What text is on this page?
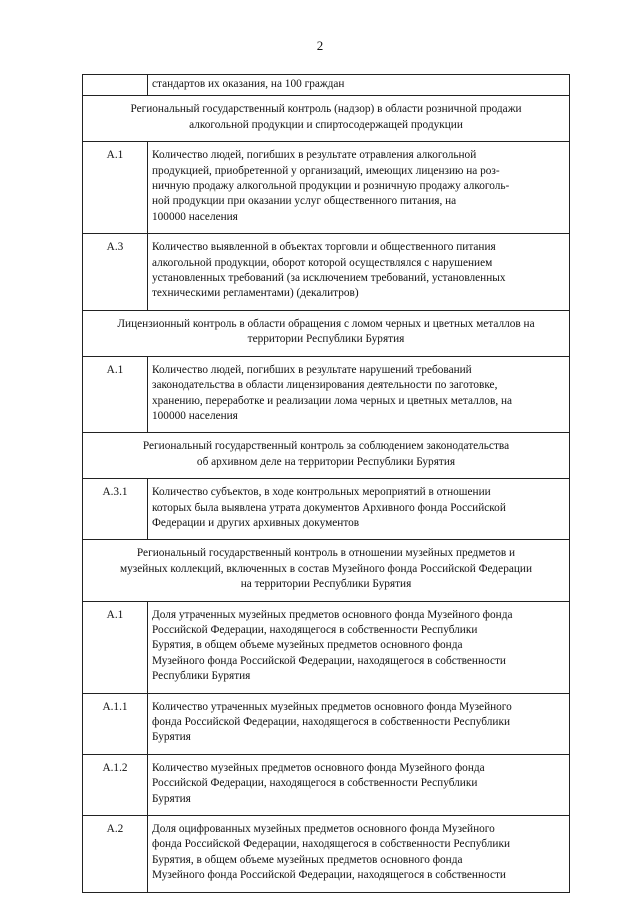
2

	стандартов их оказания, на 100 граждан

Региональный государственный контроль (надзор) в области розничной продажи
алкогольной продукции и спиртосодержащей продукции	

А.1	Количество людей, погибших в результате отравления алкогольной
продукцией, приобретенной у организаций, имеющих лицензию на роз-
ничную продажу алкогольной продукции и розничную продажу алкоголь-
ной продукции при оказании услуг общественного питания, на
100000 населения

А.3	Количество выявленной в объектах торговли и общественного питания
алкогольной продукции, оборот которой осуществлялся с нарушением
установленных требований (за исключением требований, установленных
техническими регламентами) (декалитров)

Лицензионный контроль в области обращения с ломом черных и цветных металлов на
территории Республики Бурятия	

А.1	Количество людей, погибших в результате нарушений требований
законодательства в области лицензирования деятельности по заготовке,
хранению, переработке и реализации лома черных и цветных металлов, на
100000 населения

Региональный государственный контроль за соблюдением законодательства
об архивном деле на территории Республики Бурятия	

А.3.1	Количество субъектов, в ходе контрольных мероприятий в отношении
которых была выявлена утрата документов Архивного фонда Российской
Федерации и других архивных документов

Региональный государственный контроль в отношении музейных предметов и
музейных коллекций, включенных в состав Музейного фонда Российской Федерации
на территории Республики Бурятия	

А.1	Доля утраченных музейных предметов основного фонда Музейного фонда
Российской Федерации, находящегося в собственности Республики
Бурятия, в общем объеме музейных предметов основного фонда
Музейного фонда Российской Федерации, находящегося в собственности
Республики Бурятия

А.1.1	Количество утраченных музейных предметов основного фонда Музейного
фонда Российской Федерации, находящегося в собственности Республики
Бурятия

А.1.2	Количество музейных предметов основного фонда Музейного фонда
Российской Федерации, находящегося в собственности Республики
Бурятия

А.2	Доля оцифрованных музейных предметов основного фонда Музейного
фонда Российской Федерации, находящегося в собственности Республики
Бурятия, в общем объеме музейных предметов основного фонда
Музейного фонда Российской Федерации, находящегося в собственности
